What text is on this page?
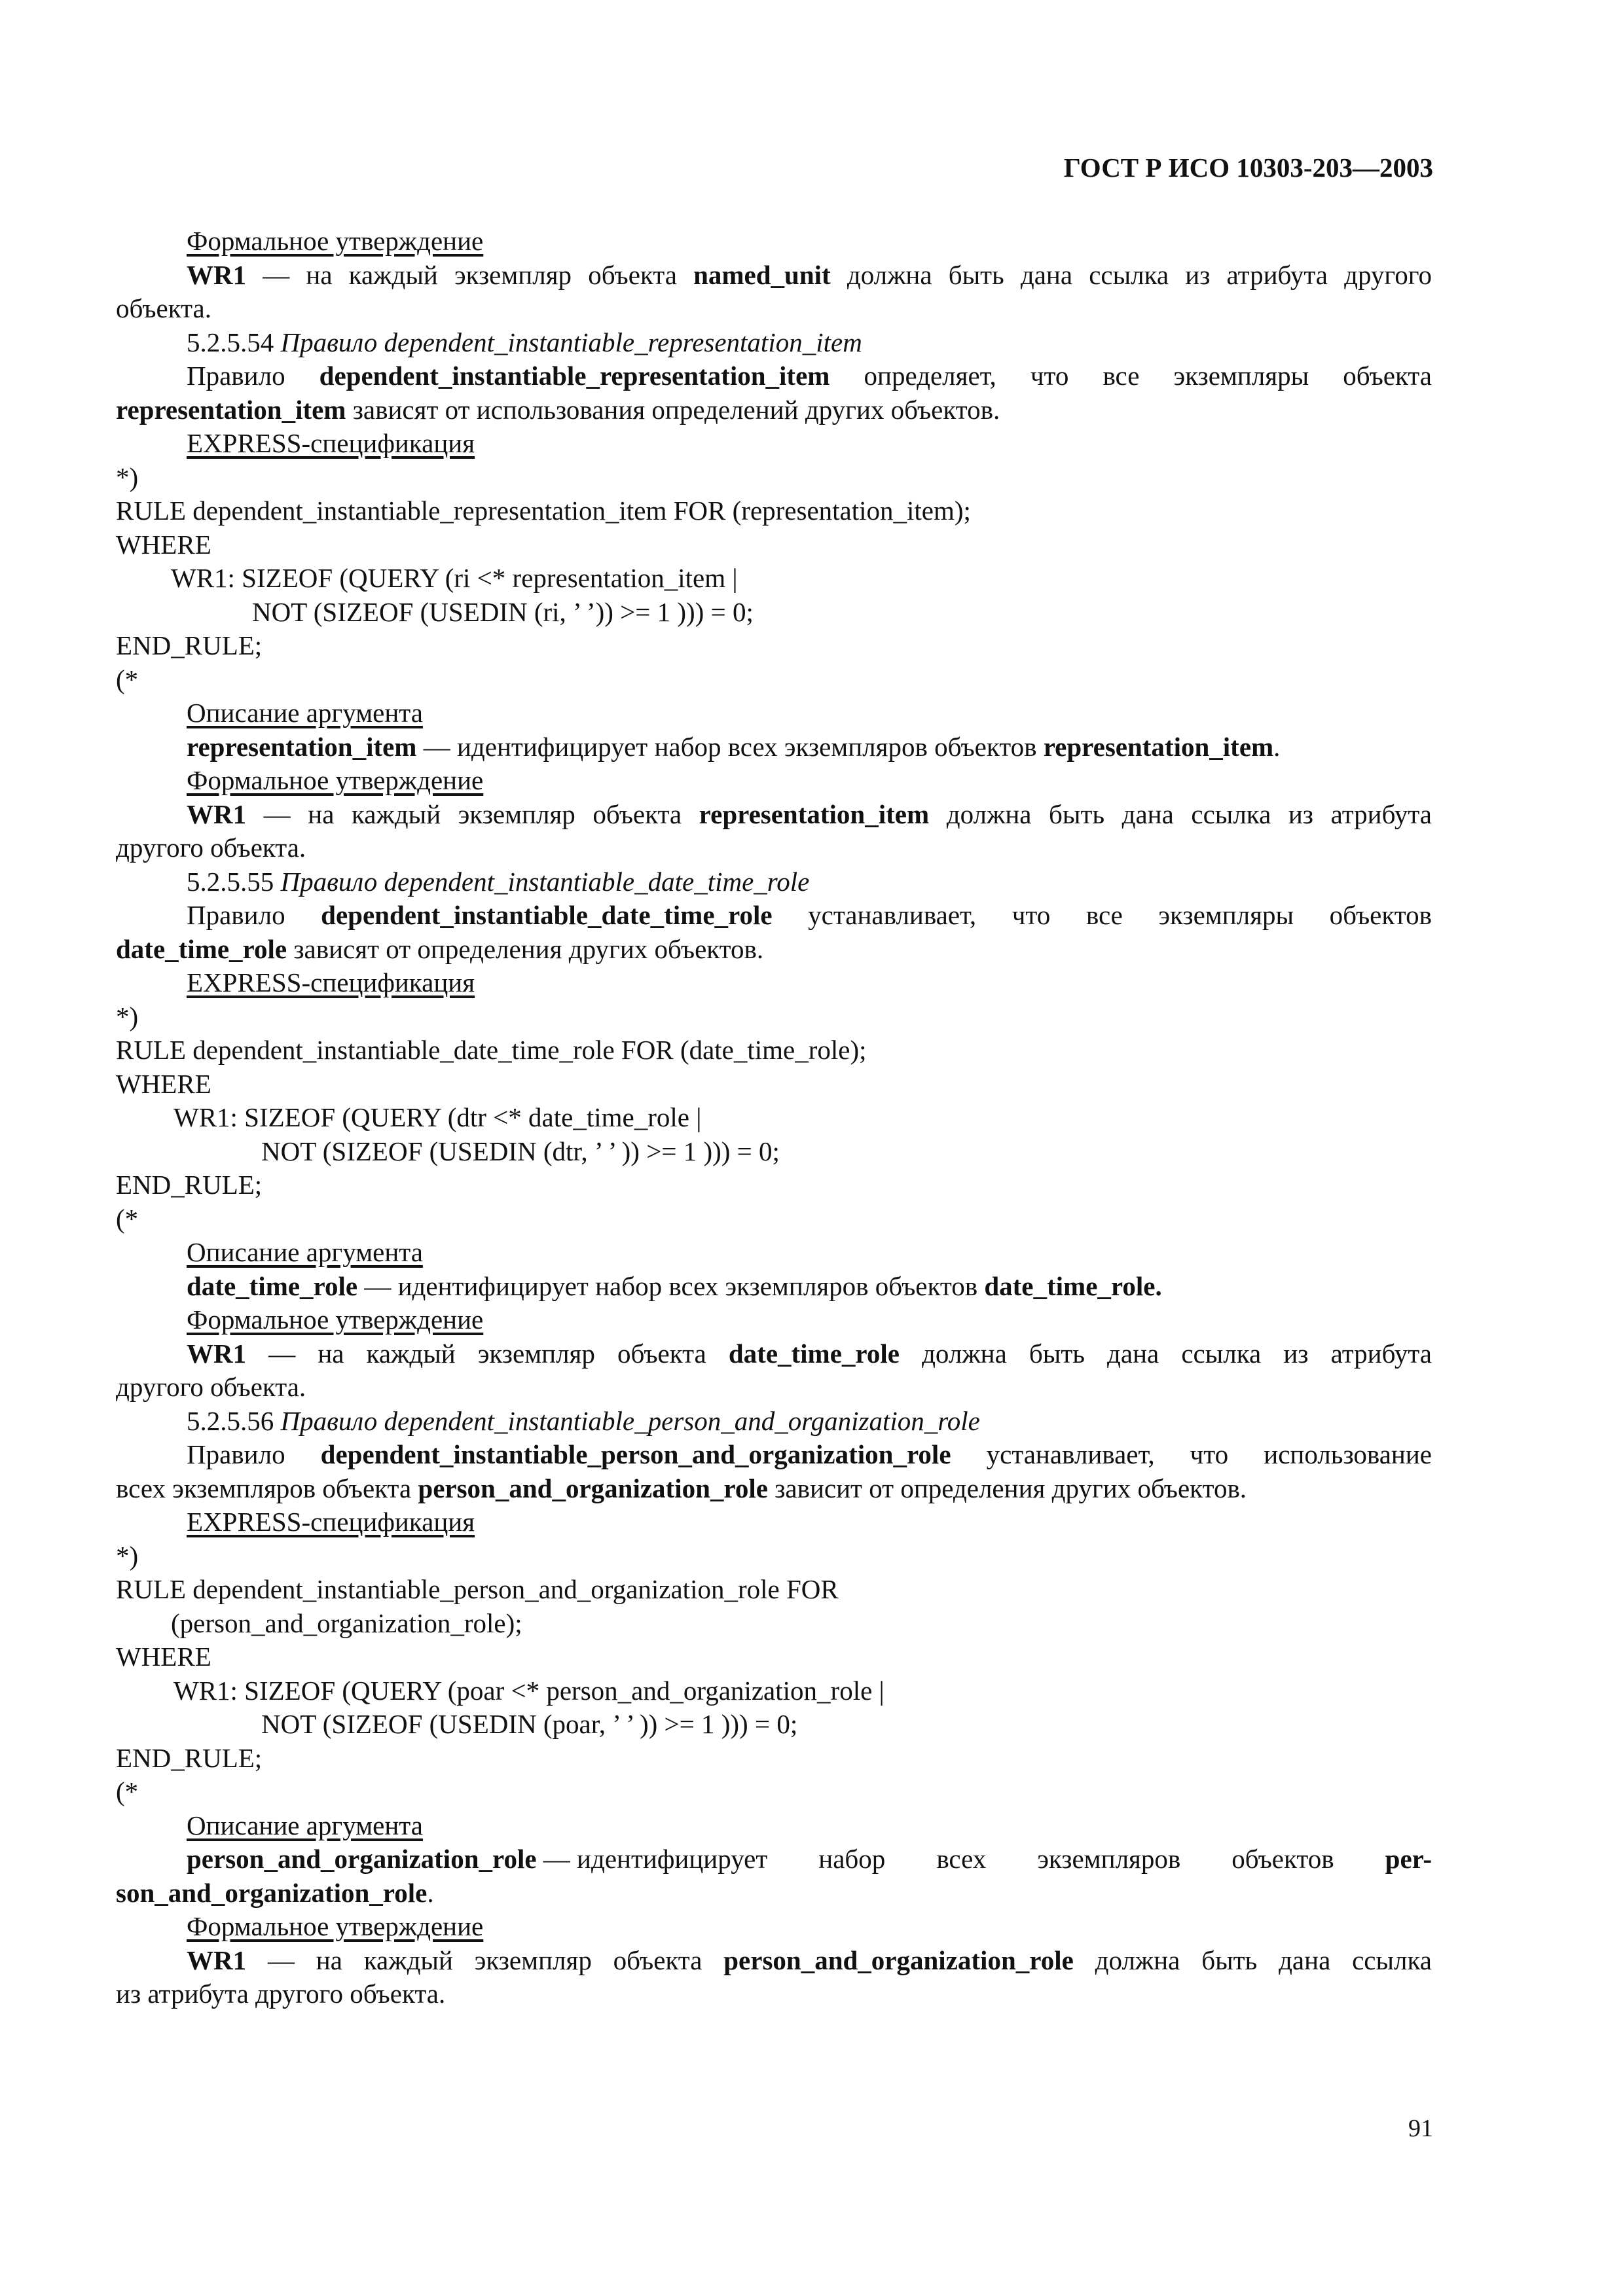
ГОСТ Р ИСО 10303-203—2003
Формальное утверждение
WR1 — на каждый экземпляр объекта named_unit должна быть дана ссылка из атрибута другого
объекта.
5.2.5.54 Правило dependent_instantiable_representation_item
Правило dependent_instantiable_representation_item определяет, что все экземпляры объекта
representation_item зависят от использования определений других объектов.
EXPRESS-спецификация
*)
RULE dependent_instantiable_representation_item FOR (representation_item);
WHERE
WR1: SIZEOF (QUERY (ri <* representation_item |
NOT (SIZEOF (USEDIN (ri, ’ ’)) >= 1 ))) = 0;
END_RULE;
(*
Описание аргумента
representation_item — идентифицирует набор всех экземпляров объектов representation_item.
Формальное утверждение
WR1 — на каждый экземпляр объекта representation_item должна быть дана ссылка из атрибута
другого объекта.
5.2.5.55 Правило dependent_instantiable_date_time_role
Правило dependent_instantiable_date_time_role устанавливает, что все экземпляры объектов
date_time_role зависят от определения других объектов.
EXPRESS-спецификация
*)
RULE dependent_instantiable_date_time_role FOR (date_time_role);
WHERE
WR1: SIZEOF (QUERY (dtr <* date_time_role |
NOT (SIZEOF (USEDIN (dtr, ’ ’ )) >= 1 ))) = 0;
END_RULE;
(*
Описание аргумента
date_time_role — идентифицирует набор всех экземпляров объектов date_time_role.
Формальное утверждение
WR1 — на каждый экземпляр объекта date_time_role должна быть дана ссылка из атрибута
другого объекта.
5.2.5.56 Правило dependent_instantiable_person_and_organization_role
Правило dependent_instantiable_person_and_organization_role устанавливает, что использование
всех экземпляров объекта person_and_organization_role зависит от определения других объектов.
EXPRESS-спецификация
*)
RULE dependent_instantiable_person_and_organization_role FOR
(person_and_organization_role);
WHERE
WR1: SIZEOF (QUERY (poar <* person_and_organization_role |
NOT (SIZEOF (USEDIN (poar, ’ ’ )) >= 1 ))) = 0;
END_RULE;
(*
Описание аргумента
person_and_organization_role — идентифицирует набор всех экземпляров объектов per-
son_and_organization_role.
Формальное утверждение
WR1 — на каждый экземпляр объекта person_and_organization_role должна быть дана ссылка
из атрибута другого объекта.
91
